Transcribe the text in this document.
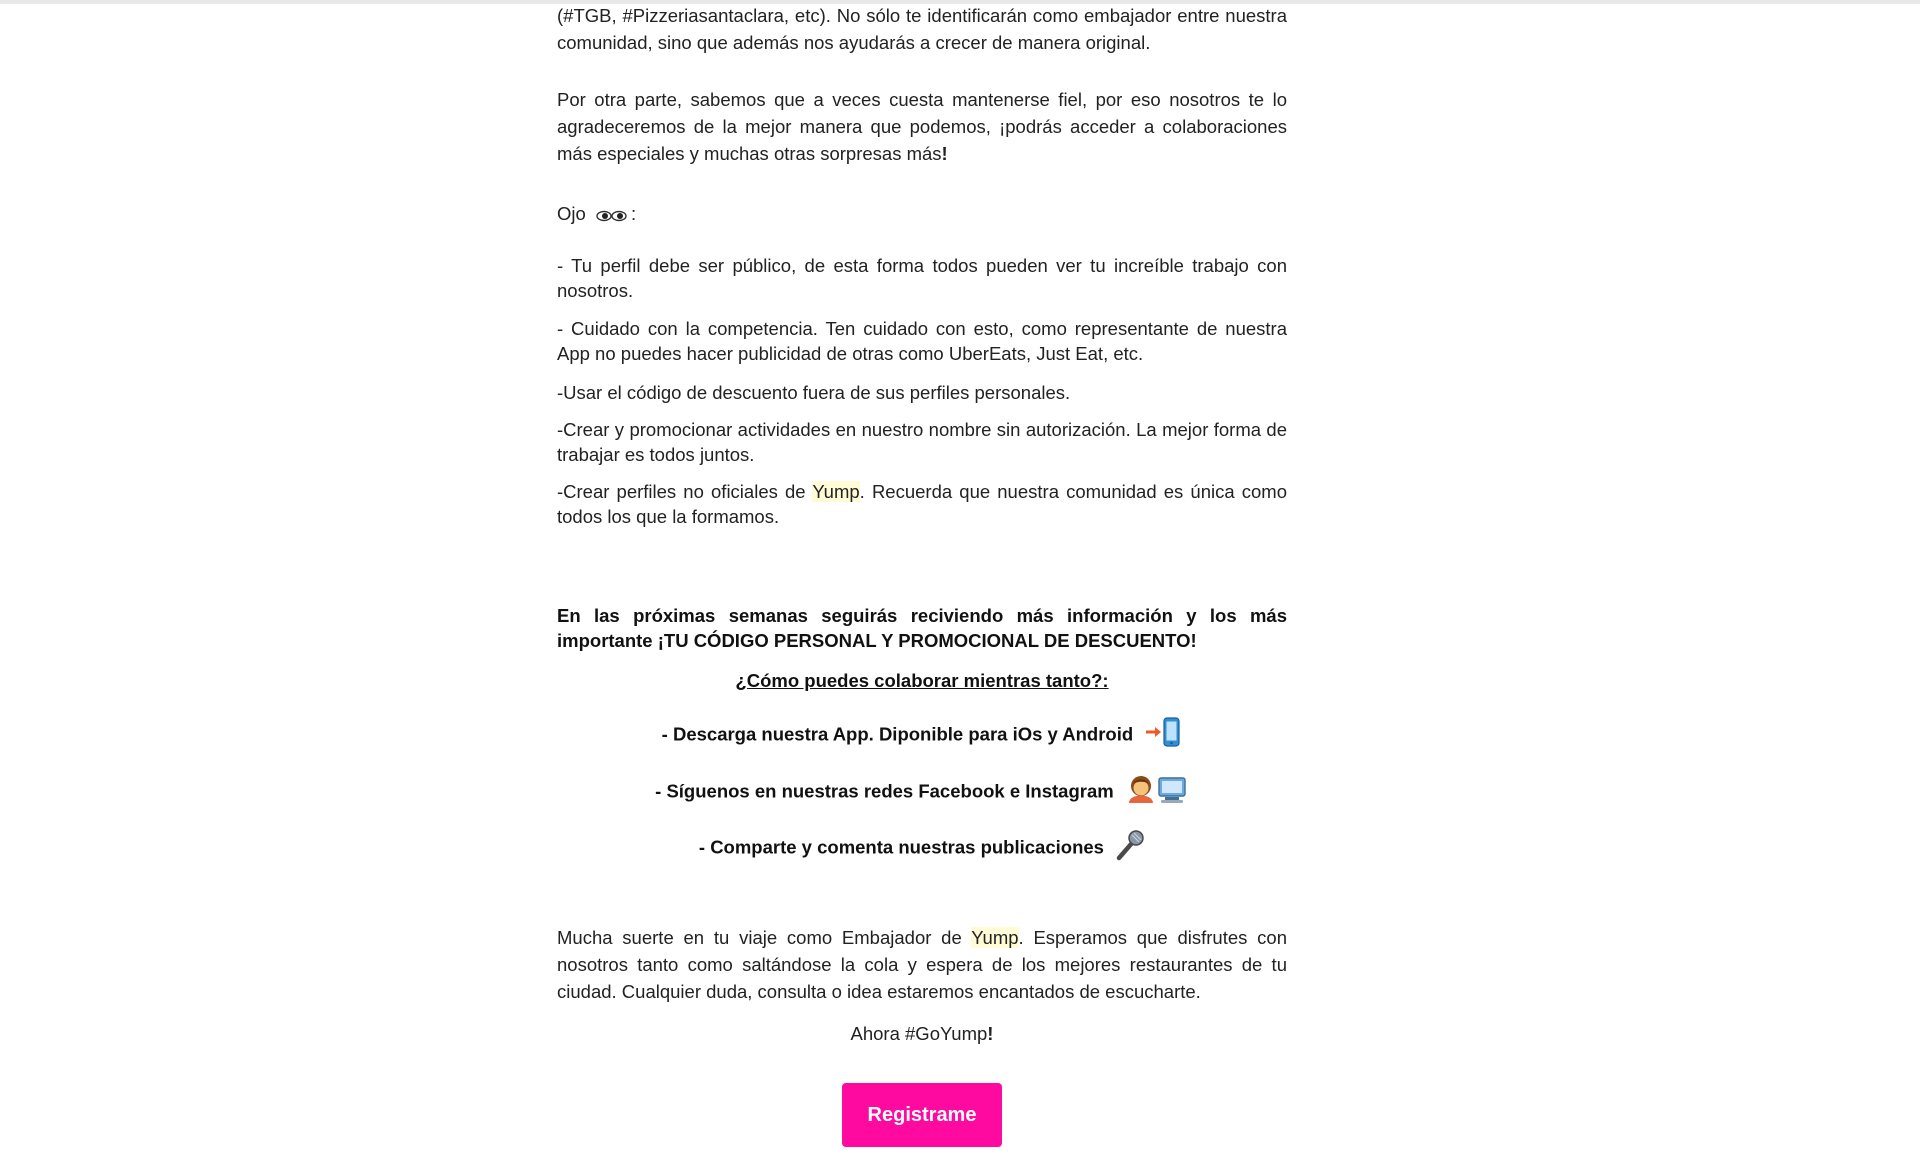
(#TGB, #Pizzeriasantaclara, etc). No sólo te identificarán como embajador entre nuestra comunidad, sino que además nos ayudarás a crecer de manera original.

Por otra parte, sabemos que a veces cuesta mantenerse fiel, por eso nosotros te lo agradeceremos de la mejor manera que podemos, ¡podrás acceder a colaboraciones más especiales y muchas otras sorpresas más!

Ojo :

- Tu perfil debe ser público, de esta forma todos pueden ver tu increíble trabajo con nosotros.

- Cuidado con la competencia. Ten cuidado con esto, como representante de nuestra App no puedes hacer publicidad de otras como UberEats, Just Eat, etc.

-Usar el código de descuento fuera de sus perfiles personales.

-Crear y promocionar actividades en nuestro nombre sin autorización. La mejor forma de trabajar es todos juntos.

-Crear perfiles no oficiales de Yump. Recuerda que nuestra comunidad es única como todos los que la formamos.

En las próximas semanas seguirás reciviendo más información y los más importante ¡TU CÓDIGO PERSONAL Y PROMOCIONAL DE DESCUENTO!

¿Cómo puedes colaborar mientras tanto?:

- Descarga nuestra App. Diponible para iOs y Android

- Síguenos en nuestras redes Facebook e Instagram

- Comparte y comenta nuestras publicaciones

Mucha suerte en tu viaje como Embajador de Yump. Esperamos que disfrutes con nosotros tanto como saltándose la cola y espera de los mejores restaurantes de tu ciudad. Cualquier duda, consulta o idea estaremos encantados de escucharte.

Ahora #GoYump!

Registrame
